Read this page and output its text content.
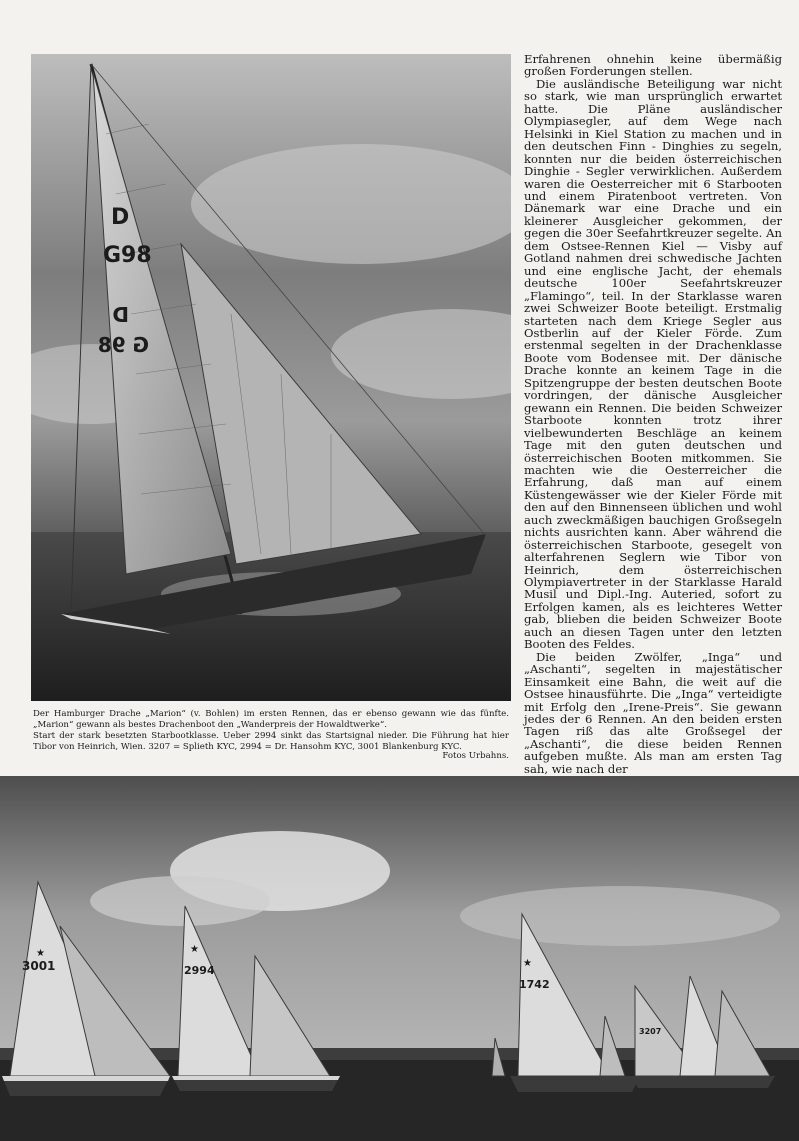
D
G98
D
G 98

Der Hamburger Drache „Marion“ (v. Bohlen) im ersten Rennen, das er ebenso gewann wie das fünfte. „Marion“ gewann als bestes Drachenboot den „Wanderpreis der Howaldtwerke“.

Start der stark besetzten Starbootklasse. Ueber 2994 sinkt das Startsignal nieder. Die Führung hat hier Tibor von Heinrich, Wien. 3207 = Splieth KYC, 2994 = Dr. Hansohm KYC, 3001 Blankenburg KYC.

Fotos Urbahns.

Erfahrenen ohnehin keine übermäßig großen Forderungen stellen.

Die ausländische Beteiligung war nicht so stark, wie man ursprünglich erwartet hatte. Die Pläne ausländischer Olympiasegler, auf dem Wege nach Helsinki in Kiel Station zu machen und in den deutschen Finn - Dinghies zu segeln, konnten nur die beiden österreichischen Dinghie - Segler verwirklichen. Außerdem waren die Oesterreicher mit 6 Starbooten und einem Piratenboot vertreten. Von Dänemark war eine Drache und ein kleinerer Ausgleicher gekommen, der gegen die 30er Seefahrtkreuzer segelte. An dem Ostsee-Rennen Kiel — Visby auf Gotland nahmen drei schwedische Jachten und eine englische Jacht, der ehemals deutsche 100er Seefahrtskreuzer „Flamingo“, teil. In der Starklasse waren zwei Schweizer Boote beteiligt. Erstmalig starteten nach dem Kriege Segler aus Ostberlin auf der Kieler Förde. Zum erstenmal segelten in der Drachenklasse Boote vom Bodensee mit. Der dänische Drache konnte an keinem Tage in die Spitzengruppe der besten deutschen Boote vordringen, der dänische Ausgleicher gewann ein Rennen. Die beiden Schweizer Starboote konnten trotz ihrer vielbewunderten Beschläge an keinem Tage mit den guten deutschen und österreichischen Booten mitkommen. Sie machten wie die Oesterreicher die Erfahrung, daß man auf einem Küstengewässer wie der Kieler Förde mit den auf den Binnenseen üblichen und wohl auch zweckmäßigen bauchigen Großsegeln nichts ausrichten kann. Aber während die österreichischen Starboote, gesegelt von alterfahrenen Seglern wie Tibor von Heinrich, dem österreichischen Olympiavertreter in der Starklasse Harald Musil und Dipl.-Ing. Auteried, sofort zu Erfolgen kamen, als es leichteres Wetter gab, blieben die beiden Schweizer Boote auch an diesen Tagen unter den letzten Booten des Feldes.

Die beiden Zwölfer, „Inga“ und „Aschanti“, segelten in majestätischer Einsamkeit eine Bahn, die weit auf die Ostsee hinausführte. Die „Inga“ verteidigte mit Erfolg den „Irene-Preis“. Sie gewann jedes der 6 Rennen. An den beiden ersten Tagen riß das alte Großsegel der „Aschanti“, die diese beiden Rennen aufgeben mußte. Als man am ersten Tag sah, wie nach der

★	★
★
3001	2994
1742
3207
